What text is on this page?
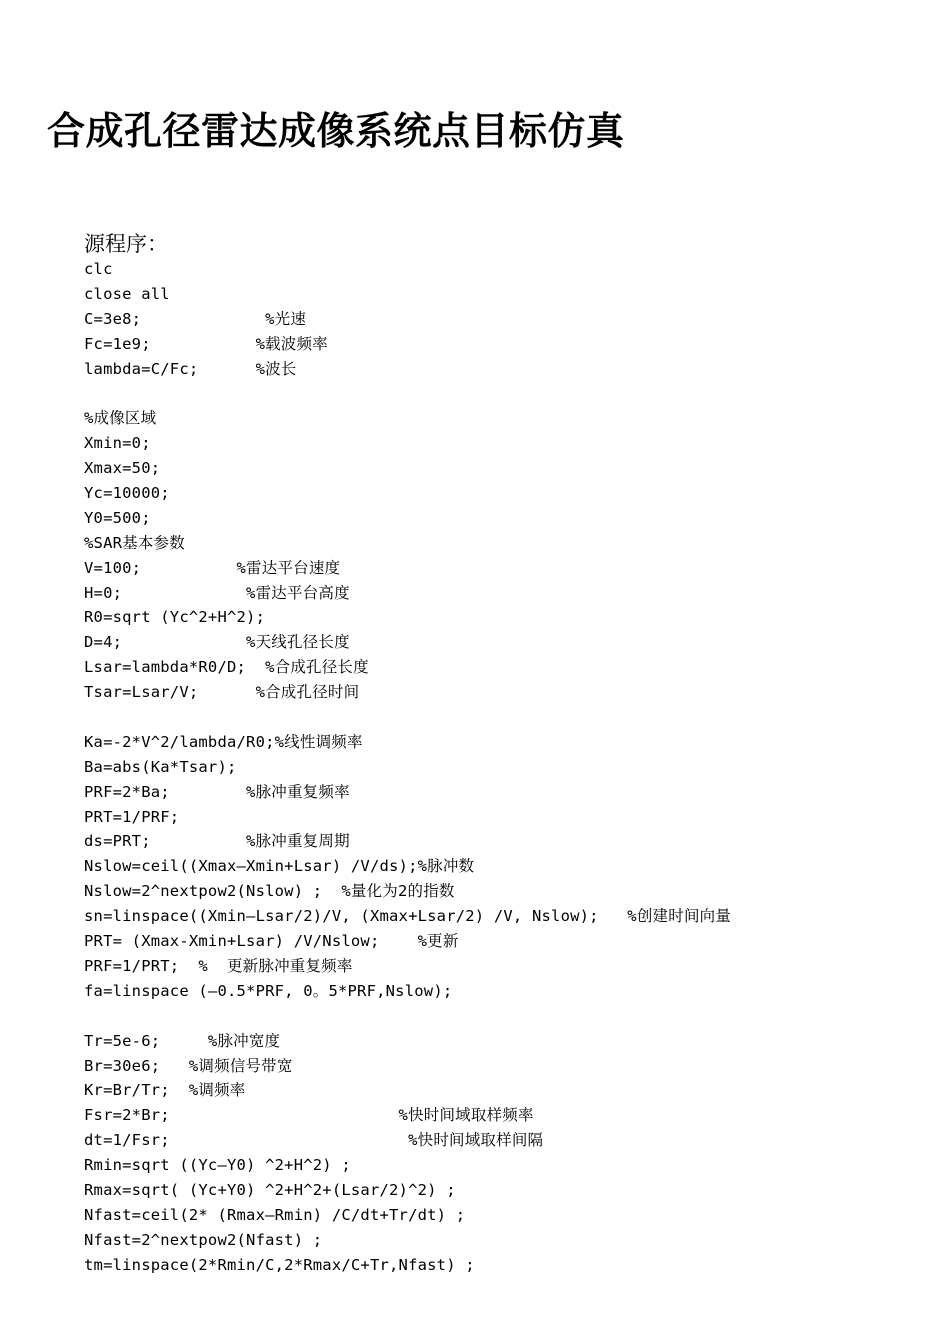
合成孔径雷达成像系统点目标仿真
源程序：
clc
close all
C=3e8;             %光速
Fc=1e9;           %载波频率
lambda=C/Fc;      %波长
%成像区域
Xmin=0;
Xmax=50;
Yc=10000;
Y0=500;
%SAR基本参数
V=100;          %雷达平台速度
H=0;             %雷达平台高度
R0=sqrt (Yc^2+H^2);
D=4;             %天线孔径长度
Lsar=lambda*R0/D;  %合成孔径长度
Tsar=Lsar/V;      %合成孔径时间
Ka=-2*V^2/lambda/R0;%线性调频率
Ba=abs(Ka*Tsar);
PRF=2*Ba;        %脉冲重复频率
PRT=1/PRF;
ds=PRT;          %脉冲重复周期
Nslow=ceil((Xmax—Xmin+Lsar) /V/ds);%脉冲数
Nslow=2^nextpow2(Nslow) ;  %量化为2的指数
sn=linspace((Xmin—Lsar/2)/V, (Xmax+Lsar/2) /V, Nslow);   %创建时间向量
PRT= (Xmax-Xmin+Lsar) /V/Nslow;    %更新
PRF=1/PRT;  %  更新脉冲重复频率
fa=linspace (—0.5*PRF, 0。5*PRF,Nslow);
Tr=5e-6;     %脉冲宽度
Br=30e6;   %调频信号带宽
Kr=Br/Tr;  %调频率
Fsr=2*Br;                        %快时间域取样频率
dt=1/Fsr;                         %快时间域取样间隔
Rmin=sqrt ((Yc—Y0) ^2+H^2) ;
Rmax=sqrt( (Yc+Y0) ^2+H^2+(Lsar/2)^2) ;
Nfast=ceil(2* (Rmax—Rmin) /C/dt+Tr/dt) ;
Nfast=2^nextpow2(Nfast) ;
tm=linspace(2*Rmin/C,2*Rmax/C+Tr,Nfast) ;
